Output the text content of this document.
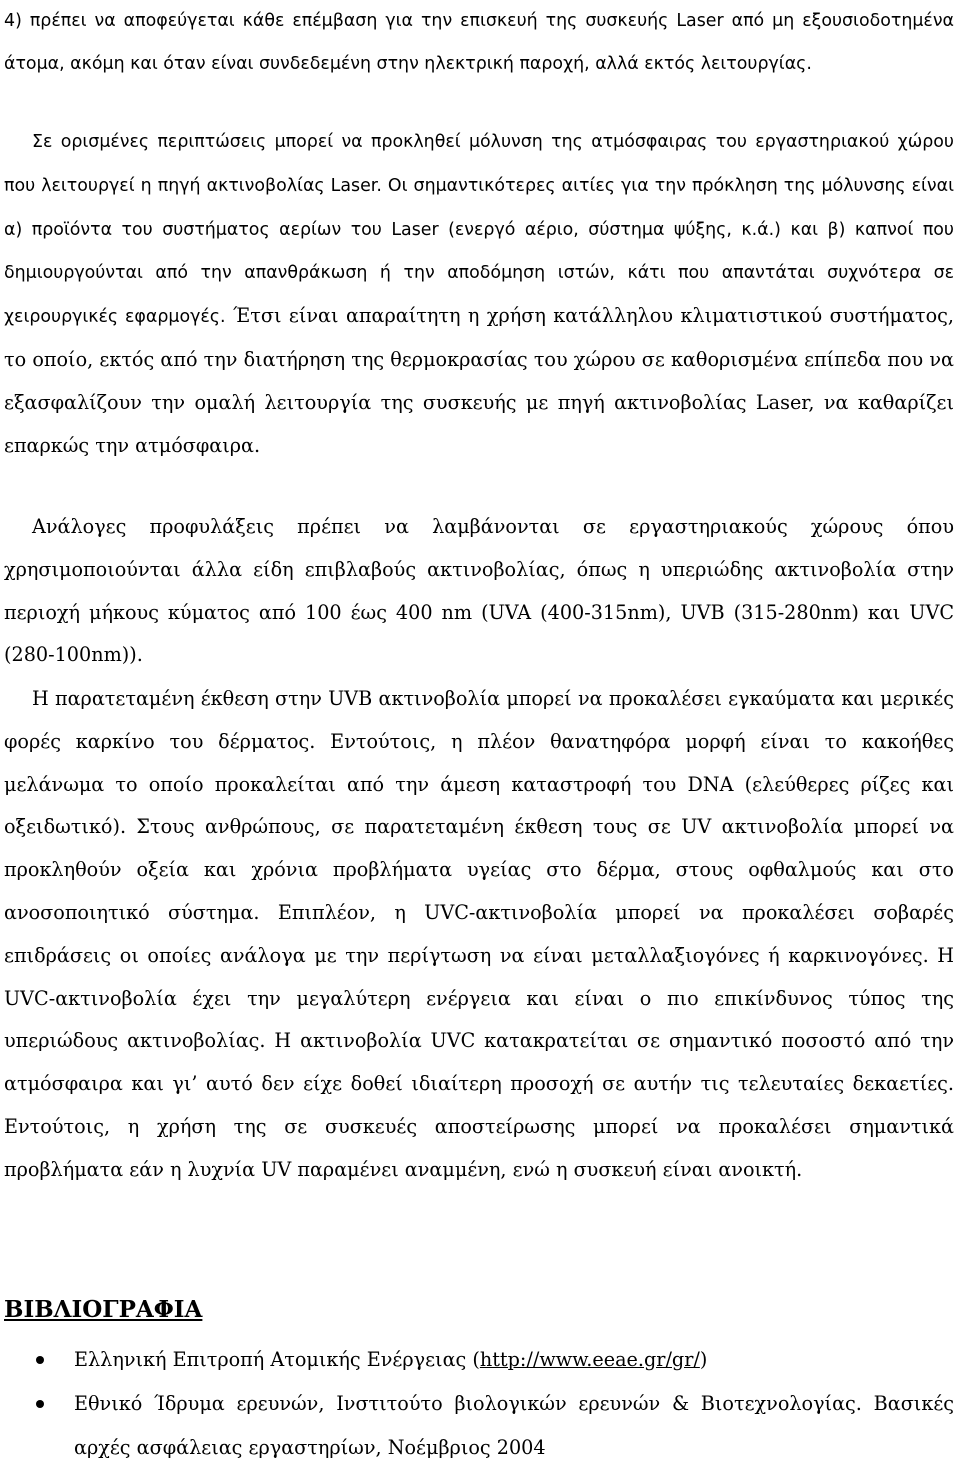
4) πρέπει να αποφεύγεται κάθε επέμβαση για την επισκευή της συσκευής Laser από μη εξουσιοδοτημένα άτομα, ακόμη και όταν είναι συνδεδεμένη στην ηλεκτρική παροχή, αλλά εκτός λειτουργίας.

Σε ορισμένες περιπτώσεις μπορεί να προκληθεί μόλυνση της ατμόσφαιρας του εργαστηριακού χώρου που λειτουργεί η πηγή ακτινοβολίας Laser. Οι σημαντικότερες αιτίες για την πρόκληση της μόλυνσης είναι α) προϊόντα του συστήματος αερίων του Laser (ενεργό αέριο, σύστημα ψύξης, κ.ά.) και β) καπνοί που δημιουργούνται από την απανθράκωση ή την αποδόμηση ιστών, κάτι που απαντάται συχνότερα σε χειρουργικές εφαρμογές. Έτσι είναι απαραίτητη η χρήση κατάλληλου κλιματιστικού συστήματος, το οποίο, εκτός από την διατήρηση της θερμοκρασίας του χώρου σε καθορισμένα επίπεδα που να εξασφαλίζουν την ομαλή λειτουργία της συσκευής με πηγή ακτινοβολίας Laser, να καθαρίζει επαρκώς την ατμόσφαιρα.

Ανάλογες προφυλάξεις πρέπει να λαμβάνονται σε εργαστηριακούς χώρους όπου χρησιμοποιούνται άλλα είδη επιβλαβούς ακτινοβολίας, όπως η υπεριώδης ακτινοβολία στην περιοχή μήκους κύματος από 100 έως 400 nm (UVA (400-315nm), UVB (315-280nm) και UVC (280-100nm)).

Η παρατεταμένη έκθεση στην UVB ακτινοβολία μπορεί να προκαλέσει εγκαύματα και μερικές φορές καρκίνο του δέρματος. Εντούτοις, η πλέον θανατηφόρα μορφή είναι το κακοήθες μελάνωμα το οποίο προκαλείται από την άμεση καταστροφή του DNA (ελεύθερες ρίζες και οξειδωτικό). Στους ανθρώπους, σε παρατεταμένη έκθεση τους σε UV ακτινοβολία μπορεί να προκληθούν οξεία και χρόνια προβλήματα υγείας στο δέρμα, στους οφθαλμούς και στο ανοσοποιητικό σύστημα. Επιπλέον, η UVC-ακτινοβολία μπορεί να προκαλέσει σοβαρές επιδράσεις οι οποίες ανάλογα με την περίγτωση να είναι μεταλλαξιογόνες ή καρκινογόνες. Η UVC-ακτινοβολία έχει την μεγαλύτερη ενέργεια και είναι ο πιο επικίνδυνος τύπος της υπεριώδους ακτινοβολίας. Η ακτινοβολία UVC κατακρατείται σε σημαντικό ποσοστό από την ατμόσφαιρα και γι’ αυτό δεν είχε δοθεί ιδιαίτερη προσοχή σε αυτήν τις τελευταίες δεκαετίες. Εντούτοις, η χρήση της σε συσκευές αποστείρωσης μπορεί να προκαλέσει σημαντικά προβλήματα εάν η λυχνία UV παραμένει αναμμένη, ενώ η συσκευή είναι ανοικτή.

ΒΙΒΛΙΟΓΡΑΦΙΑ

Ελληνική Επιτροπή Ατομικής Ενέργειας (http://www.eeae.gr/gr/)

Εθνικό Ίδρυμα ερευνών, Ινστιτούτο βιολογικών ερευνών & Βιοτεχνολογίας. Βασικές αρχές ασφάλειας εργαστηρίων, Νοέμβριος 2004
